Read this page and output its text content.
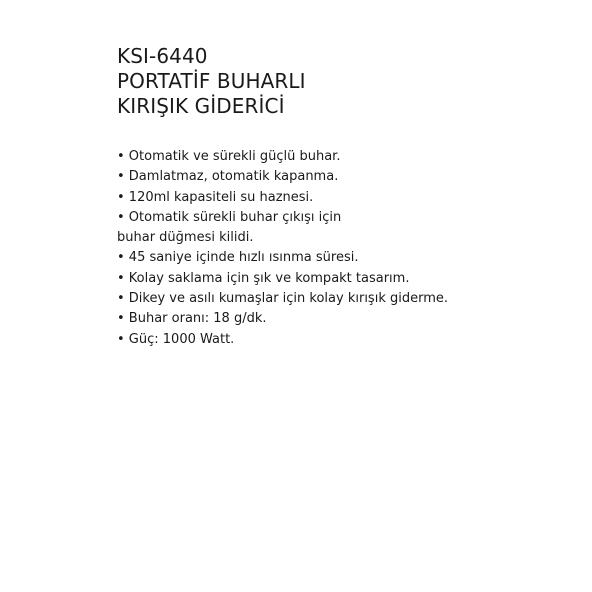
KSI-6440
PORTATİF BUHARLI
KIRIŞIK GİDERİCİ
• Otomatik ve sürekli güçlü buhar.
• Damlatmaz, otomatik kapanma.
• 120ml kapasiteli su haznesi.
• Otomatik sürekli buhar çıkışı için
buhar düğmesi kilidi.
• 45 saniye içinde hızlı ısınma süresi.
• Kolay saklama için şık ve kompakt tasarım.
• Dikey ve asılı kumaşlar için kolay kırışık giderme.
• Buhar oranı: 18 g/dk.
• Güç: 1000 Watt.
